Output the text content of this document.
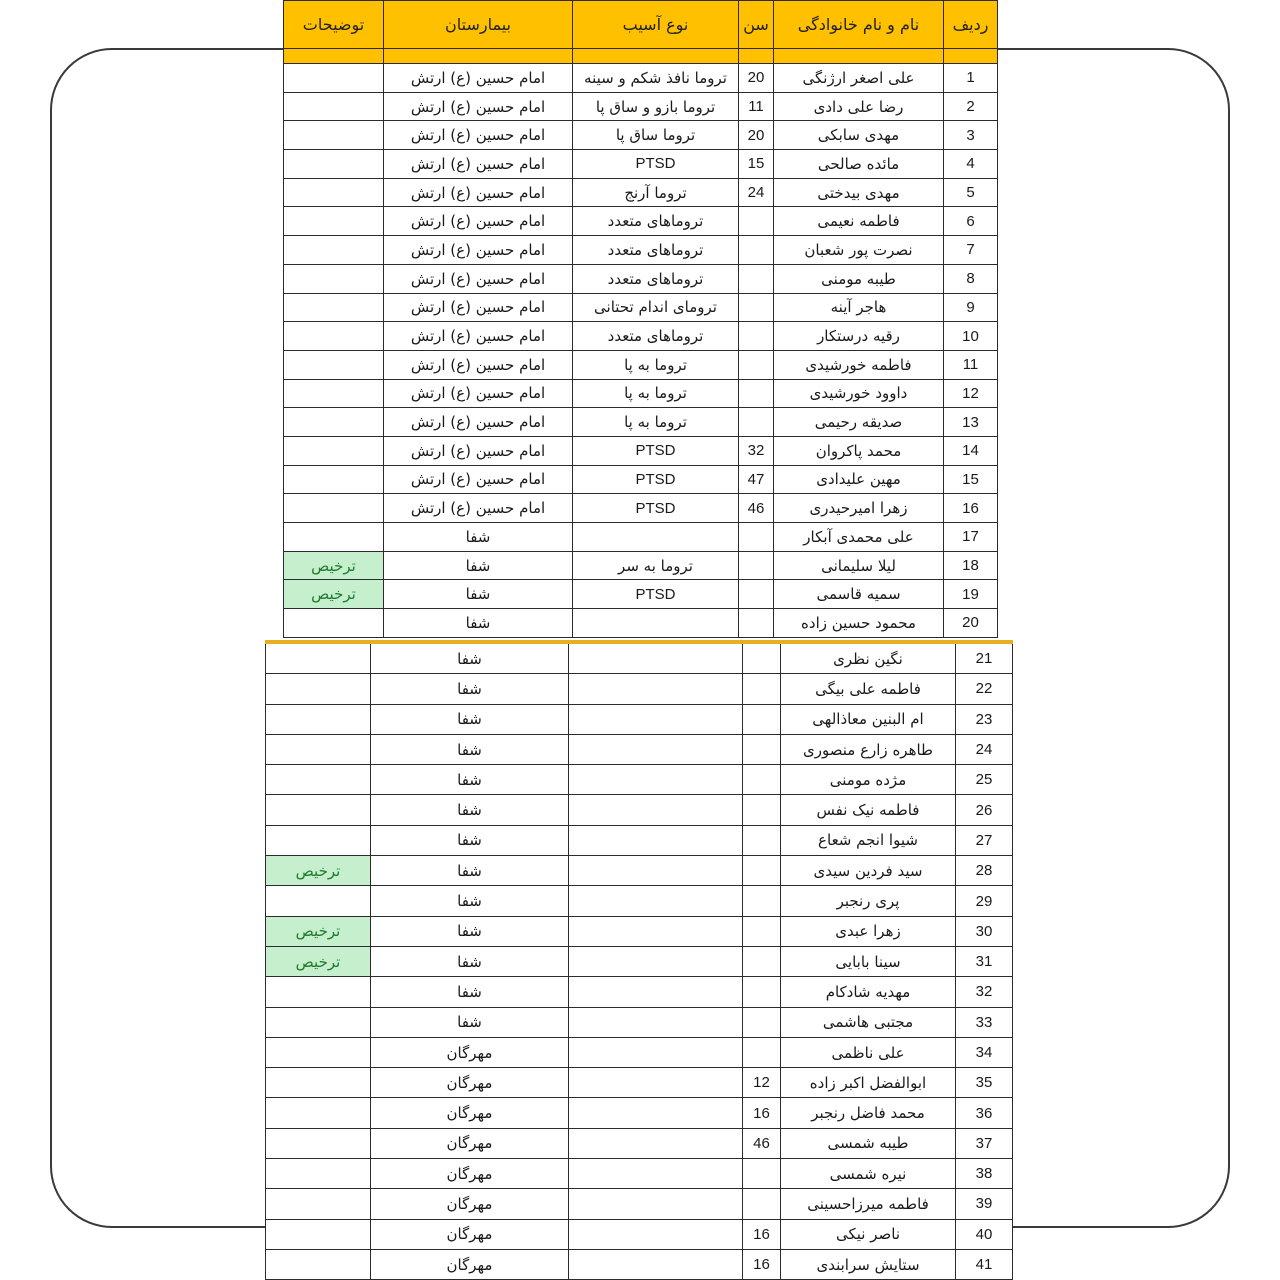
ردیف	نام و نام خانوادگی	سن	نوع آسیب	بیمارستان	توضیحات

1	علی اصغر ارژنگی	20	تروما نافذ شکم و سینه	امام حسین (ع) ارتش	
2	رضا علی دادی	11	تروما بازو و ساق پا	امام حسین (ع) ارتش	
3	مهدی سابکی	20	تروما ساق پا	امام حسین (ع) ارتش	
4	مائده صالحی	15	PTSD	امام حسین (ع) ارتش	
5	مهدی بیدختی	24	تروما آرنج	امام حسین (ع) ارتش	
6	فاطمه نعیمی		تروماهای متعدد	امام حسین (ع) ارتش	
7	نصرت پور شعبان		تروماهای متعدد	امام حسین (ع) ارتش	
8	طیبه مومنی		تروماهای متعدد	امام حسین (ع) ارتش	
9	هاجر آینه		ترومای اندام تحتانی	امام حسین (ع) ارتش	
10	رقیه درستکار		تروماهای متعدد	امام حسین (ع) ارتش	
11	فاطمه خورشیدی		تروما به پا	امام حسین (ع) ارتش	
12	داوود خورشیدی		تروما به پا	امام حسین (ع) ارتش	
13	صدیقه رحیمی		تروما به پا	امام حسین (ع) ارتش	
14	محمد پاکروان	32	PTSD	امام حسین (ع) ارتش	
15	مهین علیدادی	47	PTSD	امام حسین (ع) ارتش	
16	زهرا امیرحیدری	46	PTSD	امام حسین (ع) ارتش	
17	علی محمدی آبکار			شفا	
18	لیلا سلیمانی		تروما به سر	شفا	ترخیص
19	سمیه قاسمی		PTSD	شفا	ترخیص
20	محمود حسین زاده			شفا	
21	نگین نظری			شفا	
22	فاطمه علی بیگی			شفا	
23	ام البنین معاذالهی			شفا	
24	طاهره زارع منصوری			شفا	
25	مژده مومنی			شفا	
26	فاطمه نیک نفس			شفا	
27	شیوا انجم شعاع			شفا	
28	سید فردین سیدی			شفا	ترخیص
29	پری رنجبر			شفا	
30	زهرا عبدی			شفا	ترخیص
31	سینا بابایی			شفا	ترخیص
32	مهدیه شادکام			شفا	
33	مجتبی هاشمی			شفا	
34	علی ناظمی			مهرگان	
35	ابوالفضل اکبر زاده	12		مهرگان	
36	محمد فاضل رنجبر	16		مهرگان	
37	طیبه شمسی	46		مهرگان	
38	نیره شمسی			مهرگان	
39	فاطمه میرزاحسینی			مهرگان	
40	ناصر نیکی	16		مهرگان	
41	ستایش سرابندی	16		مهرگان	
